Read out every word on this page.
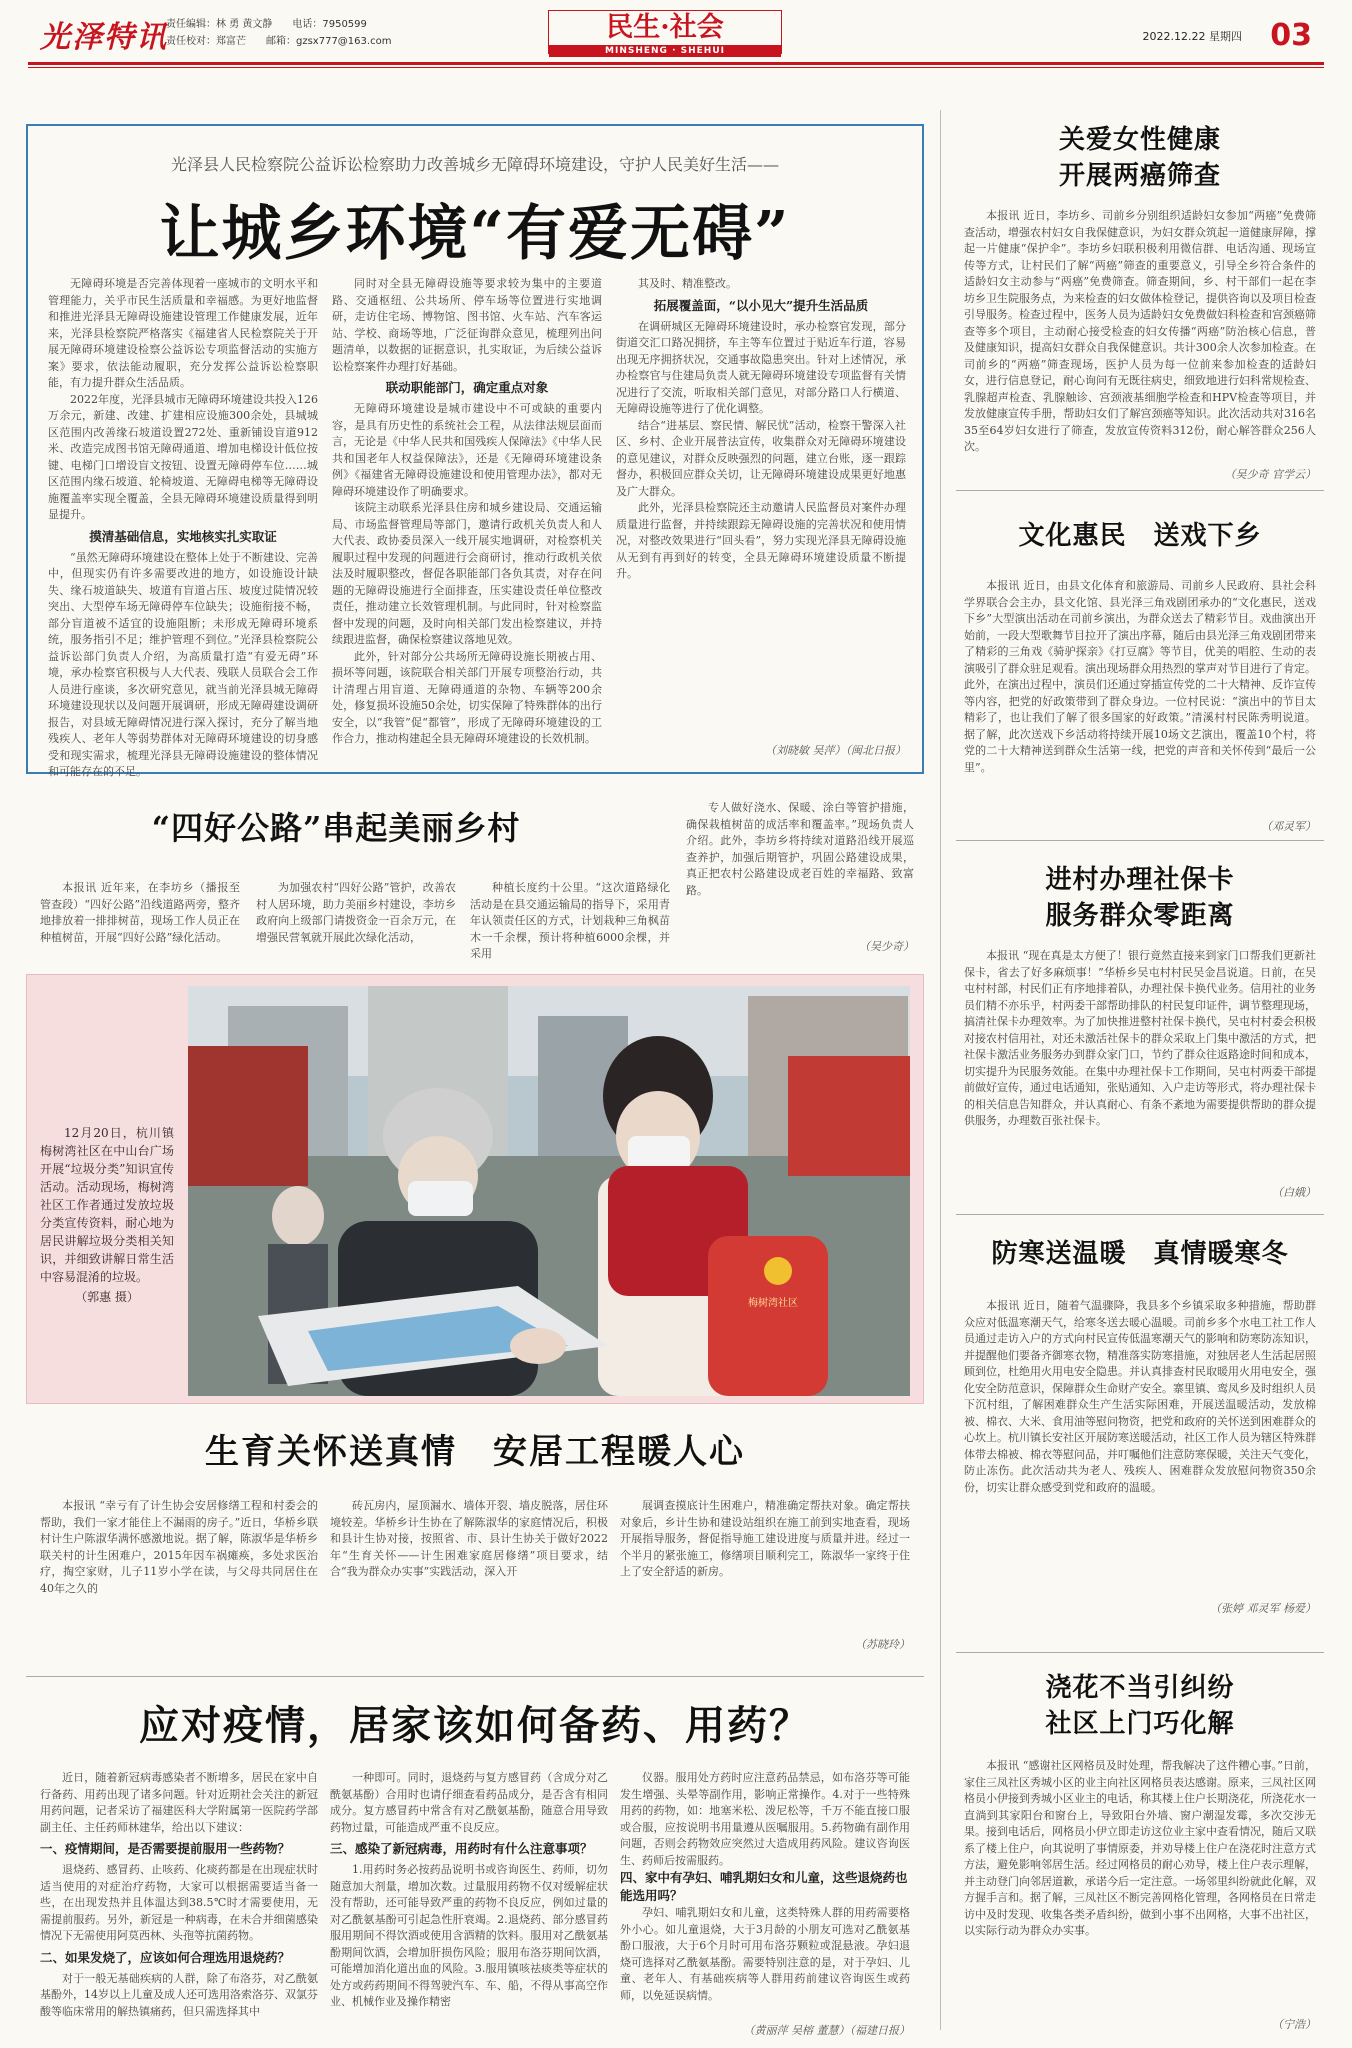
光泽特讯
责任编辑：林 勇 黄文静　　电话：7950599
责任校对：郑富芒　　邮箱：gzsx777@163.com	民生·社会
MINSHENG · SHEHUI
2022.12.22 星期四 03
光泽县人民检察院公益诉讼检察助力改善城乡无障碍环境建设，守护人民美好生活——
让城乡环境“有爱无碍”

无障碍环境是否完善体现着一座城市的文明水平和管理能力，关乎市民生活质量和幸福感。为更好地监督和推进光泽县无障碍设施建设管理工作健康发展，近年来，光泽县检察院严格落实《福建省人民检察院关于开展无障碍环境建设检察公益诉讼专项监督活动的实施方案》要求，依法能动履职，充分发挥公益诉讼检察职能，有力提升群众生活品质。

2022年度，光泽县城市无障碍环境建设共投入126万余元，新建、改建、扩建相应设施300余处，县城城区范围内改善缘石坡道设置272处、重新铺设盲道912米、改造完成图书馆无障碍通道、增加电梯设计低位按键、电梯门口增设盲文按钮、设置无障碍停车位……城区范围内缘石坡道、轮椅坡道、无障碍电梯等无障碍设施覆盖率实现全覆盖，全县无障碍环境建设质量得到明显提升。

摸清基础信息，实地核实扎实取证

“虽然无障碍环境建设在整体上处于不断建设、完善中，但现实仍有许多需要改进的地方，如设施设计缺失、缘石坡道缺失、坡道有盲道占压、坡度过陡情况较突出、大型停车场无障碍停车位缺失；设施衔接不畅，部分盲道被不适宜的设施阻断；未形成无障碍环境系统，服务指引不足；维护管理不到位。”光泽县检察院公益诉讼部门负责人介绍，为高质量打造“有爱无碍”环境，承办检察官积极与人大代表、残联人员联合会工作人员进行座谈，多次研究意见，就当前光泽县城无障碍环境建设现状以及问题开展调研，形成无障碍建设调研报告，对县域无障碍情况进行深入探讨，充分了解当地残疾人、老年人等弱势群体对无障碍环境建设的切身感受和现实需求，梳理光泽县无障碍设施建设的整体情况和可能存在的不足。

同时对全县无障碍设施等要求较为集中的主要道路、交通枢纽、公共场所、停车场等位置进行实地调研，走访住宅场、博物馆、图书馆、火车站、汽车客运站、学校、商场等地，广泛征询群众意见，梳理列出问题清单，以数据的证据意识，扎实取证，为后续公益诉讼检察案件办理打好基础。

联动职能部门，确定重点对象

无障碍环境建设是城市建设中不可或缺的重要内容，是具有历史性的系统社会工程，从法律法规层面而言，无论是《中华人民共和国残疾人保障法》《中华人民共和国老年人权益保障法》，还是《无障碍环境建设条例》《福建省无障碍设施建设和使用管理办法》，都对无障碍环境建设作了明确要求。

该院主动联系光泽县住房和城乡建设局、交通运输局、市场监督管理局等部门，邀请行政机关负责人和人大代表、政协委员深入一线开展实地调研，对检察机关履职过程中发现的问题进行会商研讨，推动行政机关依法及时履职整改，督促各职能部门各负其责，对存在问题的无障碍设施进行全面排查，压实建设责任单位整改责任，推动建立长效管理机制。与此同时，针对检察监督中发现的问题，及时向相关部门发出检察建议，并持续跟进监督，确保检察建议落地见效。

此外，针对部分公共场所无障碍设施长期被占用、损坏等问题，该院联合相关部门开展专项整治行动，共计清理占用盲道、无障碍通道的杂物、车辆等200余处，修复损坏设施50余处，切实保障了特殊群体的出行安全，以“我管”促“都管”，形成了无障碍环境建设的工作合力，推动构建起全县无障碍环境建设的长效机制。

其及时、精准整改。

拓展覆盖面，“以小见大”提升生活品质

在调研城区无障碍环境建设时，承办检察官发现，部分街道交汇口路况拥挤，车主等车位置过于贴近车行道，容易出现无序拥挤状况，交通事故隐患突出。针对上述情况，承办检察官与住建局负责人就无障碍环境建设专项监督有关情况进行了交流，听取相关部门意见，对部分路口人行横道、无障碍设施等进行了优化调整。

结合“进基层、察民情、解民忧”活动，检察干警深入社区、乡村、企业开展普法宣传，收集群众对无障碍环境建设的意见建议，对群众反映强烈的问题，建立台账，逐一跟踪督办，积极回应群众关切，让无障碍环境建设成果更好地惠及广大群众。

此外，光泽县检察院还主动邀请人民监督员对案件办理质量进行监督，并持续跟踪无障碍设施的完善状况和使用情况，对整改效果进行“回头看”，努力实现光泽县无障碍设施从无到有再到好的转变，全县无障碍环境建设质量不断提升。

（刘晓敏 吴萍）（闽北日报）
“四好公路”串起美丽乡村
本报讯 近年来，在李坊乡（播报至管查段）“四好公路”沿线道路两旁，整齐地排放着一排排树苗，现场工作人员正在种植树苗，开展“四好公路”绿化活动。
为加强农村“四好公路”管护，改善农村人居环境，助力美丽乡村建设，李坊乡政府向上级部门请拨资金一百余万元，在增强民营氧就开展此次绿化活动，
种植长度约十公里。“这次道路绿化活动是在县交通运输局的指导下，采用青年认领责任区的方式，计划栽种三角枫苗木一千余棵，预计将种植6000余棵，并采用
专人做好浇水、保暖、涂白等管护措施，确保栽植树苗的成活率和覆盖率。”现场负责人介绍。此外，李坊乡将持续对道路沿线开展巡查养护，加强后期管护，巩固公路建设成果，真正把农村公路建设成老百姓的幸福路、致富路。
（吴少奇）
12月20日，杭川镇梅树湾社区在中山台广场开展“垃圾分类”知识宣传活动。活动现场，梅树湾社区工作者通过发放垃圾分类宣传资料，耐心地为居民讲解垃圾分类相关知识，并细致讲解日常生活中容易混淆的垃圾。
（郭惠 摄）	梅树湾社区
生育关怀送真情　安居工程暖人心
本报讯 “幸亏有了计生协会安居修缮工程和村委会的帮助，我们一家才能住上不漏雨的房子。”近日，华桥乡联村计生户陈淑华满怀感激地说。据了解，陈淑华是华桥乡联关村的计生困难户，2015年因车祸瘫痪，多处求医治疗，掏空家财，儿子11岁小学在读，与父母共同居住在40年之久的
砖瓦房内，屋顶漏水、墙体开裂、墙皮脱落，居住环境较差。华桥乡计生协在了解陈淑华的家庭情况后，积极和县计生协对接，按照省、市、县计生协关于做好2022年“生育关怀——计生困难家庭居修缮”项目要求，结合“我为群众办实事”实践活动，深入开
展调查摸底计生困难户，精准确定帮扶对象。确定帮扶对象后，乡计生协和建设站组织在施工前到实地查看，现场开展指导服务，督促指导施工建设进度与质量并进。经过一个半月的紧张施工，修缮项目顺利完工，陈淑华一家终于住上了安全舒适的新房。
（苏晓玲）
应对疫情，居家该如何备药、用药？

近日，随着新冠病毒感染者不断增多，居民在家中自行备药、用药出现了诸多问题。针对近期社会关注的新冠用药问题，记者采访了福建医科大学附属第一医院药学部副主任、主任药师林建华，给出以下建议：

一、疫情期间，是否需要提前服用一些药物？

退烧药、感冒药、止咳药、化痰药都是在出现症状时适当使用的对症治疗药物，大家可以根据需要适当备一些，在出现发热并且体温达到38.5℃时才需要使用，无需提前服药。另外，新冠是一种病毒，在未合并细菌感染情况下无需使用阿莫西林、头孢等抗菌药物。

二、如果发烧了，应该如何合理选用退烧药？

对于一般无基础疾病的人群，除了布洛芬，对乙酰氨基酚外，14岁以上儿童及成人还可选用洛索洛芬、双氯芬酸等临床常用的解热镇痛药，但只需选择其中

一种即可。同时，退烧药与复方感冒药（含成分对乙酰氨基酚）合用时也请仔细查看药品成分，是否含有相同成分。复方感冒药中常含有对乙酰氨基酚，随意合用导致药物过量，可能造成严重不良反应。

三、感染了新冠病毒，用药时有什么注意事项？

1.用药时务必按药品说明书或咨询医生、药师，切勿随意加大剂量，增加次数。过量服用药物不仅对缓解症状没有帮助，还可能导致严重的药物不良反应，例如过量的对乙酰氨基酚可引起急性肝衰竭。2.退烧药、部分感冒药服用期间不得饮酒或使用含酒精的饮料。服用对乙酰氨基酚期间饮酒，会增加肝损伤风险；服用布洛芬期间饮酒，可能增加消化道出血的风险。3.服用镇咳祛痰类等症状的处方或药药期间不得驾驶汽车、车、船，不得从事高空作业、机械作业及操作精密

仪器。服用处方药时应注意药品禁忌，如布洛芬等可能发生增强、头晕等副作用，影响正常操作。4.对于一些特殊用药的药物，如：地塞米松、泼尼松等，千万不能直接口服或合服，应按说明书用量遵从医嘱服用。5.药物确有副作用问题，否则会药物效应突然过大造成用药风险。建议咨询医生、药师后按需服药。

四、家中有孕妇、哺乳期妇女和儿童，这些退烧药也能选用吗？

孕妇、哺乳期妇女和儿童，这类特殊人群的用药需要格外小心。如儿童退烧，大于3月龄的小朋友可选对乙酰氨基酚口服液，大于6个月时可用布洛芬颗粒或混悬液。孕妇退烧可选择对乙酰氨基酚。需要特别注意的是，对于孕妇、儿童、老年人、有基础疾病等人群用药前建议咨询医生或药师，以免延误病情。

（黄丽萍 吴榕 董慧）（福建日报）
关爱女性健康
开展两癌筛查
本报讯 近日，李坊乡、司前乡分别组织适龄妇女参加“两癌”免费筛查活动，增强农村妇女自我保健意识，为妇女群众筑起一道健康屏障，撑起一片健康“保护伞”。李坊乡妇联积极利用微信群、电话沟通、现场宣传等方式，让村民们了解“两癌”筛查的重要意义，引导全乡符合条件的适龄妇女主动参与“两癌”免费筛查。筛查期间，乡、村干部们一起在李坊乡卫生院服务点，为来检查的妇女做体检登记，提供咨询以及项目检查引导服务。检查过程中，医务人员为适龄妇女免费做妇科检查和宫颈癌筛查等多个项目，主动耐心接受检查的妇女传播“两癌”防治核心信息，普及健康知识，提高妇女群众自我保健意识。共计300余人次参加检查。在司前乡的“两癌”筛查现场，医护人员为每一位前来参加检查的适龄妇女，进行信息登记，耐心询问有无既往病史，细致地进行妇科常规检查、乳腺超声检查、乳腺触诊、宫颈液基细胞学检查和HPV检查等项目，并发放健康宣传手册，帮助妇女们了解宫颈癌等知识。此次活动共对316名35至64岁妇女进行了筛查，发放宣传资料312份，耐心解答群众256人次。
（吴少奇 官学云）
文化惠民　送戏下乡
本报讯 近日，由县文化体育和旅游局、司前乡人民政府、县社会科学界联合会主办，县文化馆、县光泽三角戏剧团承办的“文化惠民，送戏下乡”大型演出活动在司前乡演出，为群众送去了精彩节目。戏曲演出开始前，一段大型歌舞节目拉开了演出序幕，随后由县光泽三角戏剧团带来了精彩的三角戏《骑驴探亲》《打豆腐》等节目，优美的唱腔、生动的表演吸引了群众驻足观看。演出现场群众用热烈的掌声对节目进行了肯定。此外，在演出过程中，演员们还通过穿插宣传党的二十大精神、反诈宣传等内容，把党的好政策带到了群众身边。一位村民说：“演出中的节目太精彩了，也让我们了解了很多国家的好政策。”清溪村村民陈秀明说道。据了解，此次送戏下乡活动将持续开展10场文艺演出，覆盖10个村，将党的二十大精神送到群众生活第一线，把党的声音和关怀传到“最后一公里”。
（邓灵军）
进村办理社保卡
服务群众零距离
本报讯 “现在真是太方便了！银行竟然直接来到家门口帮我们更新社保卡，省去了好多麻烦事！”华桥乡吴屯村村民吴金昌说道。日前，在吴屯村村部，村民们正有序地排着队，办理社保卡换代业务。信用社的业务员们精不亦乐乎，村两委干部帮助排队的村民复印证件，调节整理现场，搞清社保卡办理效率。为了加快推进整村社保卡换代，吴屯村村委会积极对接农村信用社，对还未激活社保卡的群众采取上门集中激活的方式，把社保卡激活业务服务办到群众家门口，节约了群众往返路途时间和成本，切实提升为民服务效能。在集中办理社保卡工作期间，吴屯村两委干部提前做好宣传，通过电话通知，张贴通知、入户走访等形式，将办理社保卡的相关信息告知群众，并认真耐心、有条不紊地为需要提供帮助的群众提供服务，办理数百张社保卡。
（白娥）
防寒送温暖　真情暖寒冬
本报讯 近日，随着气温骤降，我县多个乡镇采取多种措施，帮助群众应对低温寒潮天气，给寒冬送去暖心温暖。司前乡多个水电工社工作人员通过走访入户的方式向村民宣传低温寒潮天气的影响和防寒防冻知识，并提醒他们要备齐御寒衣物，精准落实防寒措施，对独居老人生活起居照顾到位，杜绝用火用电安全隐患。并认真排查村民取暖用火用电安全，强化安全防范意识，保障群众生命财产安全。寨里镇、鸾凤乡及时组织人员下沉村组，了解困难群众生产生活实际困难，开展送温暖活动，发放棉被、棉衣、大米、食用油等慰问物资，把党和政府的关怀送到困难群众的心坎上。杭川镇长安社区开展防寒送暖活动，社区工作人员为辖区特殊群体带去棉被、棉衣等慰问品，并叮嘱他们注意防寒保暖，关注天气变化，防止冻伤。此次活动共为老人、残疾人、困难群众发放慰问物资350余份，切实让群众感受到党和政府的温暖。
（张婷 邓灵军 杨爱）
浇花不当引纠纷
社区上门巧化解
本报讯 “感谢社区网格员及时处理，帮我解决了这件糟心事。”日前，家住三凤社区秀城小区的业主向社区网格员表达感谢。原来，三凤社区网格员小伊接到秀城小区业主的电话，称其楼上住户长期浇花，所浇花水一直淌到其家阳台和窗台上，导致阳台外墙、窗户潮湿发霉，多次交涉无果。接到电话后，网格员小伊立即走访这位业主家中查看情况，随后又联系了楼上住户，向其说明了事情原委，并劝导楼上住户在浇花时注意方式方法，避免影响邻居生活。经过网格员的耐心劝导，楼上住户表示理解，并主动登门向邻居道歉，承诺今后一定注意。一场邻里纠纷就此化解，双方握手言和。据了解，三凤社区不断完善网格化管理，各网格员在日常走访中及时发现、收集各类矛盾纠纷，做到小事不出网格，大事不出社区，以实际行动为群众办实事。
（宁浩）
